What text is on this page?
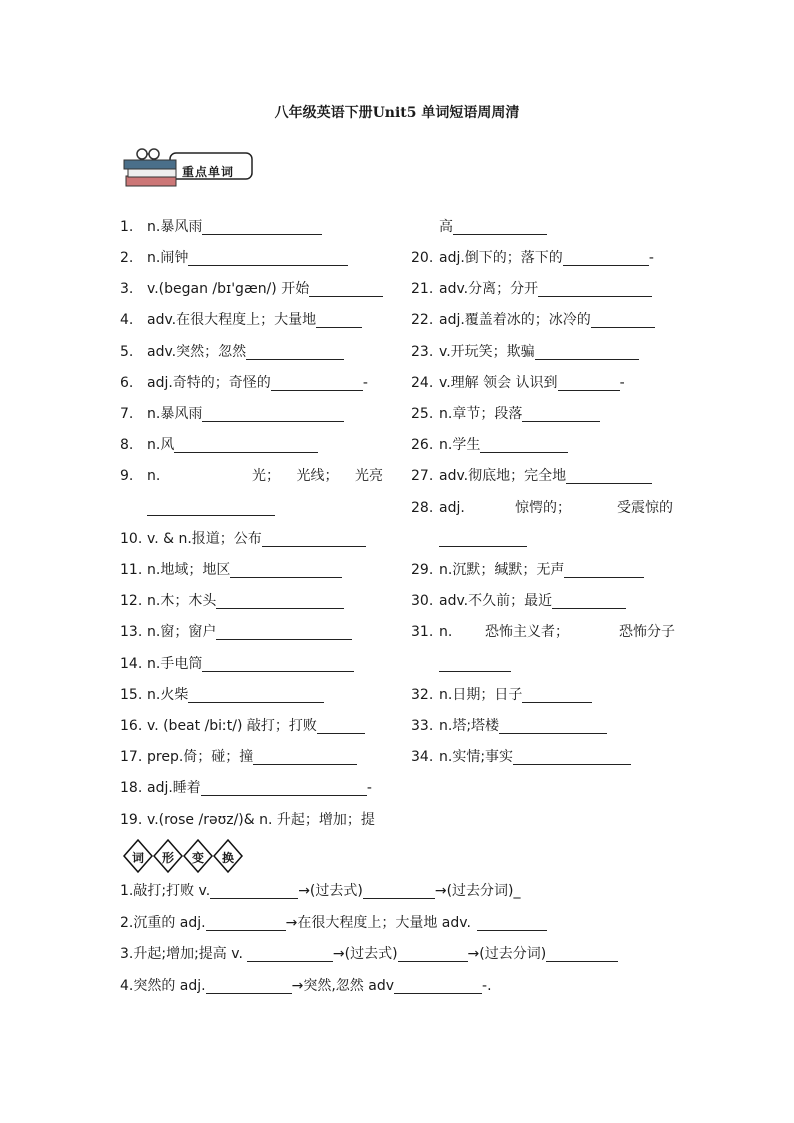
八年级英语下册Unit5 单词短语周周清
重点单词
1. n.暴风雨
2. n.闹钟
3. v.(began /bɪ'gæn/) 开始
4. adv.在很大程度上；大量地
5. adv.突然；忽然
6. adj.奇特的；奇怪的	-
7. n.暴风雨
8. n.风
9. n.	光； 光线； 光亮
10. v. & n.报道；公布
11. n.地域；地区
12. n.木；木头
13. n.窗；窗户
14. n.手电筒
15. n.火柴
16. v. (beat /biːt/) 敲打；打败
17. prep.倚；碰；撞
18. adj.睡着	-
19. v.(rose /rəʊz/)& n. 升起；增加；提
高
20. adj.倒下的；落下的	-
21. adv.分离；分开
22. adj.覆盖着冰的；冰冷的
23. v.开玩笑；欺骗
24. v.理解 领会 认识到	-
25. n.章节；段落
26. n.学生
27. adv.彻底地；完全地
28. adj.	惊愕的；	受震惊的
29. n.沉默；缄默；无声
30. adv.不久前；最近
31. n. 恐怖主义者；	恐怖分子
32. n.日期；日子
33. n.塔;塔楼
34. n.实情;事实
词 形 变 换
1.敲打;打败 v.	→(过去式)	→(过去分词)_
2.沉重的 adj.	→在很大程度上；大量地 adv.
3.升起;增加;提高 v.	→(过去式)	→(过去分词)
4.突然的 adj.	→突然,忽然 adv	-.
